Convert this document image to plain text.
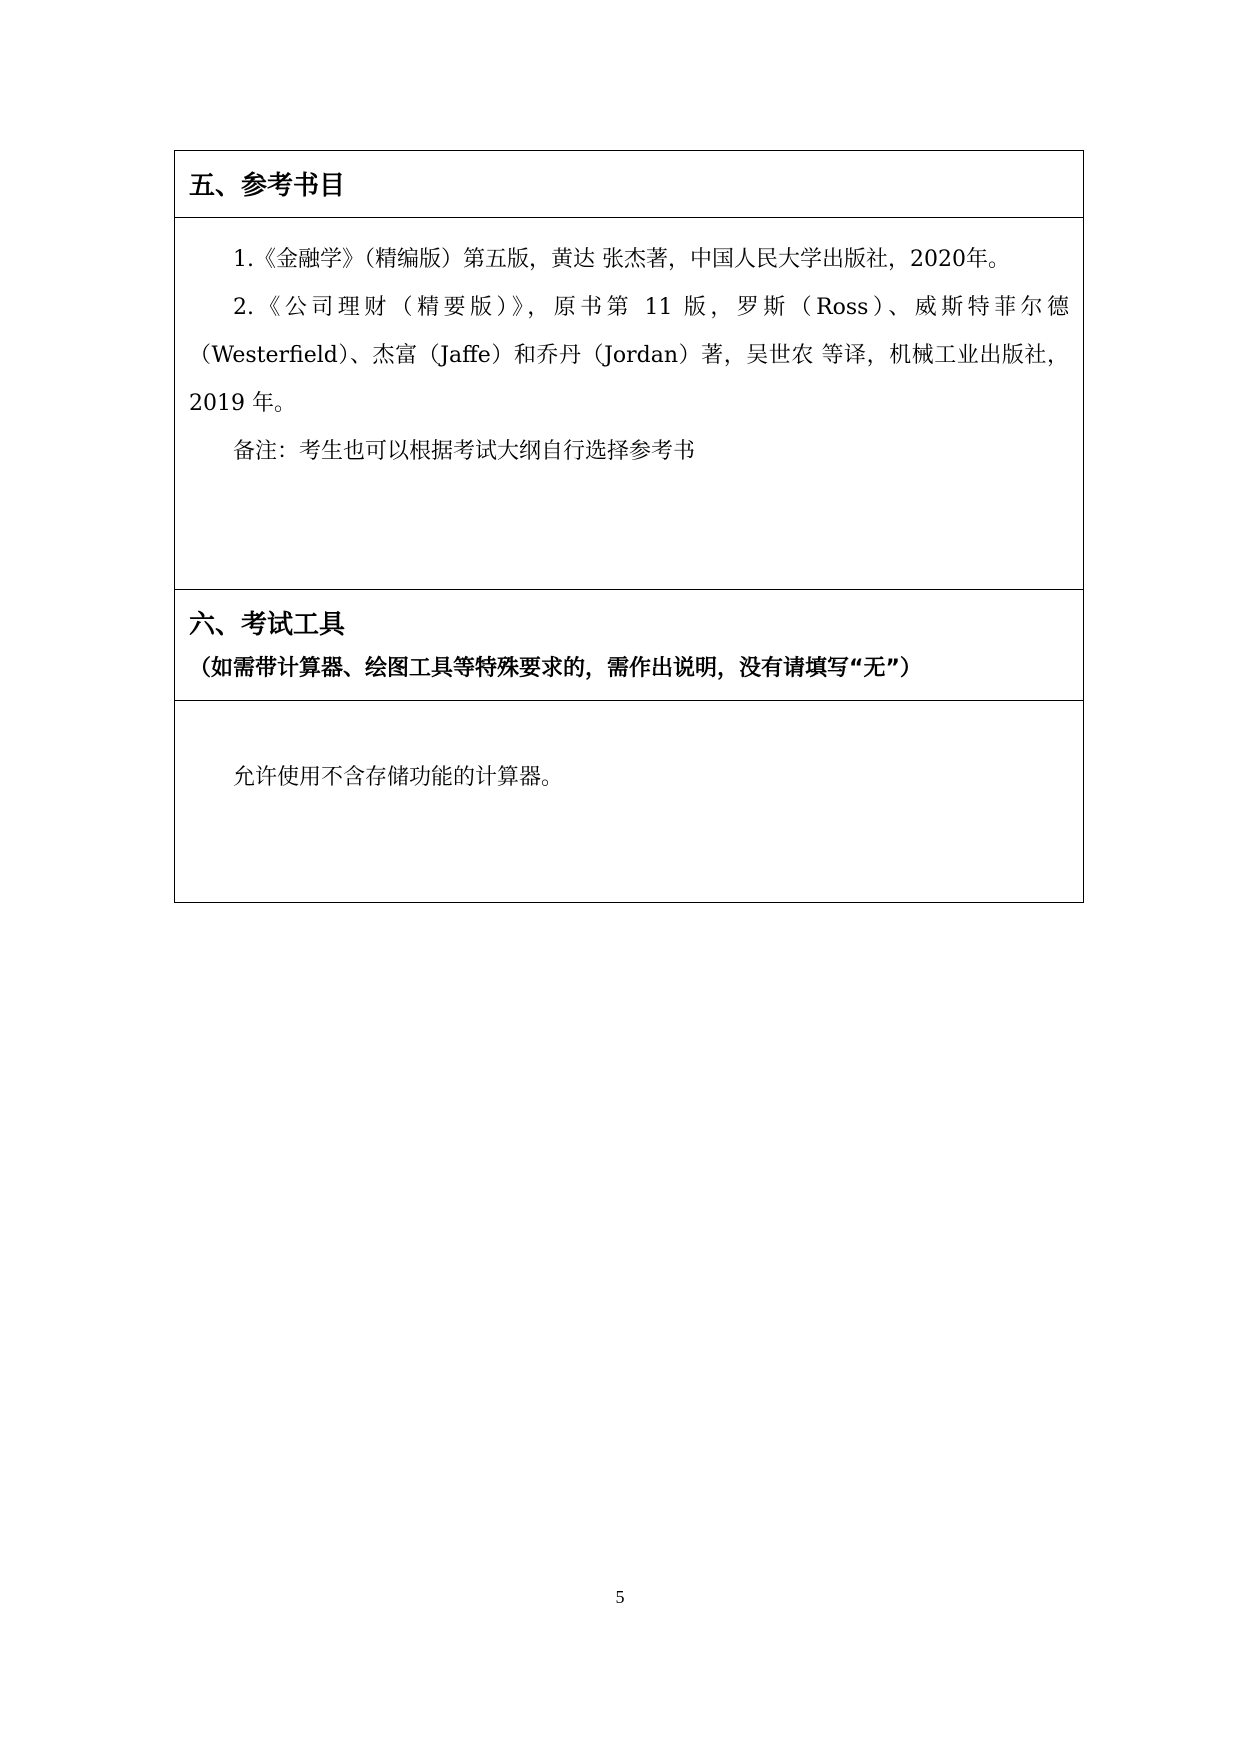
五、参考书目

1.《金融学》（精编版）第五版，黄达 张杰著，中国人民大学出版社，2020年。

2.《公司理财（精要版）》，原书第 11 版，罗斯（Ross）、威斯特菲尔德（Westerfield）、杰富（Jaffe）和乔丹（Jordan）著，吴世农 等译，机械工业出版社，2019 年。

备注：考生也可以根据考试大纲自行选择参考书

六、考试工具（如需带计算器、绘图工具等特殊要求的，需作出说明，没有请填写“无”）

允许使用不含存储功能的计算器。

5
